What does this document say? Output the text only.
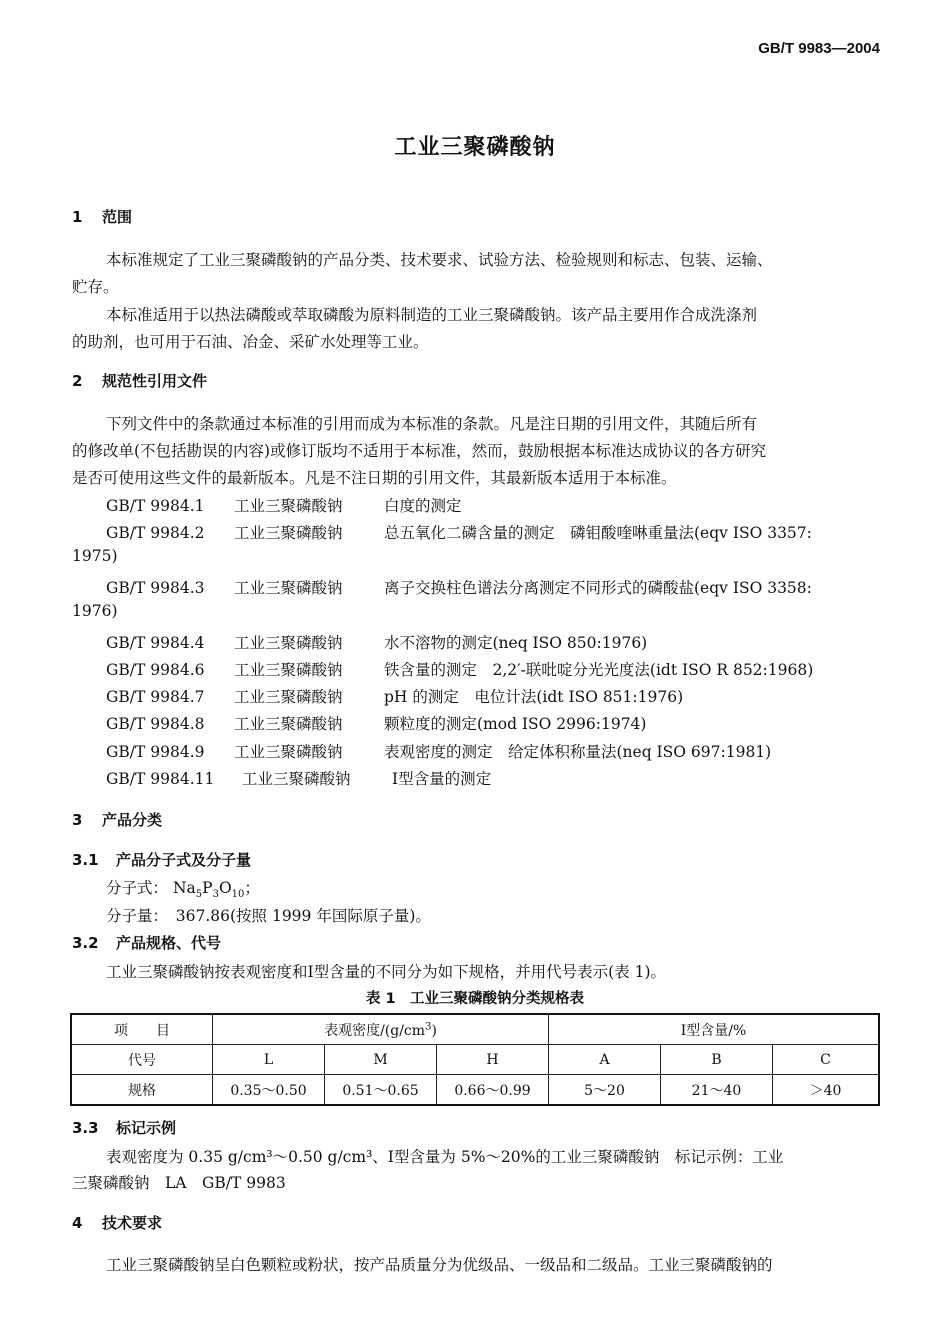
GB/T 9983—2004
工业三聚磷酸钠
1 范围
本标准规定了工业三聚磷酸钠的产品分类、技术要求、试验方法、检验规则和标志、包装、运输、
贮存。
本标准适用于以热法磷酸或萃取磷酸为原料制造的工业三聚磷酸钠。该产品主要用作合成洗涤剂
的助剂，也可用于石油、冶金、采矿水处理等工业。
2 规范性引用文件
下列文件中的条款通过本标准的引用而成为本标准的条款。凡是注日期的引用文件，其随后所有
的修改单(不包括勘误的内容)或修订版均不适用于本标准，然而，鼓励根据本标准达成协议的各方研究
是否可使用这些文件的最新版本。凡是不注日期的引用文件，其最新版本适用于本标准。
GB/T 9984.1 工业三聚磷酸钠	白度的测定
GB/T 9984.2 工业三聚磷酸钠	总五氧化二磷含量的测定　磷钼酸喹啉重量法(eqv ISO 3357:
1975)
GB/T 9984.3 工业三聚磷酸钠	离子交换柱色谱法分离测定不同形式的磷酸盐(eqv ISO 3358:
1976)
GB/T 9984.4 工业三聚磷酸钠	水不溶物的测定(neq ISO 850:1976)
GB/T 9984.6 工业三聚磷酸钠	铁含量的测定　2,2′-联吡啶分光光度法(idt ISO R 852:1968)
GB/T 9984.7 工业三聚磷酸钠	pH 的测定　电位计法(idt ISO 851:1976)
GB/T 9984.8 工业三聚磷酸钠	颗粒度的测定(mod ISO 2996:1974)
GB/T 9984.9 工业三聚磷酸钠	表观密度的测定　给定体积称量法(neq ISO 697:1981)
GB/T 9984.11 工业三聚磷酸钠	Ⅰ型含量的测定
3 产品分类
3.1 产品分子式及分子量
分子式： $Na_5P_3O_{10}$；
分子量：　367.86(按照 1999 年国际原子量)。
3.2 产品规格、代号
工业三聚磷酸钠按表观密度和Ⅰ型含量的不同分为如下规格，并用代号表示(表 1)。
表 1　工业三聚磷酸钠分类规格表
项　　目	表观密度$/(g/cm^3)$			Ⅰ型含量/%		
代号	L	M	H	A	B	C
规格	0.35～0.50	0.51～0.65	0.66～0.99	5～20	21～40	＞40
3.3 标记示例
表观密度为 0.35 g/cm³～0.50 g/cm³、Ⅰ型含量为 5%～20%的工业三聚磷酸钠　标记示例：工业
三聚磷酸钠　LA　GB/T 9983
4 技术要求
工业三聚磷酸钠呈白色颗粒或粉状，按产品质量分为优级品、一级品和二级品。工业三聚磷酸钠的
